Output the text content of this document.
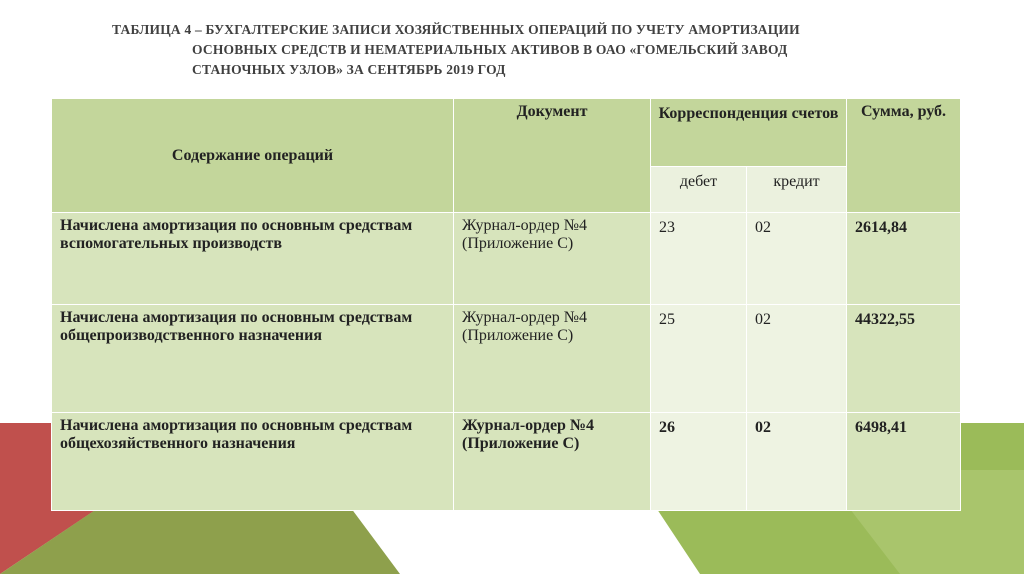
ТАБЛИЦА 4 – БУХГАЛТЕРСКИЕ ЗАПИСИ ХОЗЯЙСТВЕННЫХ ОПЕРАЦИЙ ПО УЧЕТУ АМОРТИЗАЦИИ
ОСНОВНЫХ СРЕДСТВ И НЕМАТЕРИАЛЬНЫХ АКТИВОВ В ОАО «ГОМЕЛЬСКИЙ ЗАВОД
СТАНОЧНЫХ УЗЛОВ» ЗА СЕНТЯБРЬ 2019 ГОД
Содержание операций	Документ	Корреспонденция счетов		Сумма, руб.
		дебет	кредит	
Начислена амортизация по основным средствам вспомогательных производств	Журнал-ордер №4 (Приложение С)	23	02	2614,84
Начислена амортизация по основным средствам общепроизводственного назначения	Журнал-ордер №4 (Приложение С)	25	02	44322,55
Начислена амортизация по основным средствам общехозяйственного назначения	Журнал-ордер №4 (Приложение С)	26	02	6498,41
